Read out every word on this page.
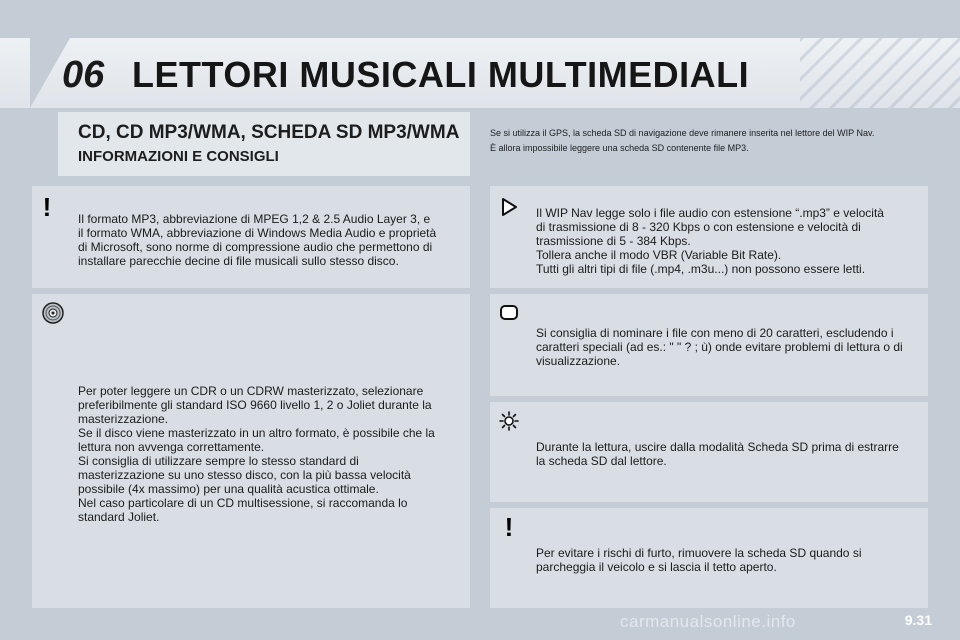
06 LETTORI MUSICALI MULTIMEDIALI
CD, CD MP3/WMA, SCHEDA SD MP3/WMA
INFORMAZIONI E CONSIGLI

Se si utilizza il GPS, la scheda SD di navigazione deve rimanere inserita nel lettore del WIP Nav.

È allora impossibile leggere una scheda SD contenente file MP3.

! Il formato MP3, abbreviazione di MPEG 1,2 & 2.5 Audio Layer 3, e
il formato WMA, abbreviazione di Windows Media Audio e proprietà
di Microsoft, sono norme di compressione audio che permettono di
installare parecchie decine di file musicali sullo stesso disco.
Per poter leggere un CDR o un CDRW masterizzato, selezionare
preferibilmente gli standard ISO 9660 livello 1, 2 o Joliet durante la
masterizzazione.
Se il disco viene masterizzato in un altro formato, è possibile che la
lettura non avvenga correttamente.
Si consiglia di utilizzare sempre lo stesso standard di
masterizzazione su uno stesso disco, con la più bassa velocità
possibile (4x massimo) per una qualità acustica ottimale.
Nel caso particolare di un CD multisessione, si raccomanda lo
standard Joliet.
Il WIP Nav legge solo i file audio con estensione “.mp3” e velocità
di trasmissione di 8 - 320 Kbps o con estensione e velocità di
trasmissione di 5 - 384 Kbps.
Tollera anche il modo VBR (Variable Bit Rate).
Tutti gli altri tipi di file (.mp4, .m3u...) non possono essere letti.
Si consiglia di nominare i file con meno di 20 caratteri, escludendo i
caratteri speciali (ad es.: " " ? ; ù) onde evitare problemi di lettura o di
visualizzazione.
Durante la lettura, uscire dalla modalità Scheda SD prima di estrarre
la scheda SD dal lettore.
!
Per evitare i rischi di furto, rimuovere la scheda SD quando si
parcheggia il veicolo e si lascia il tetto aperto.
carmanualsonline.info	9.31
